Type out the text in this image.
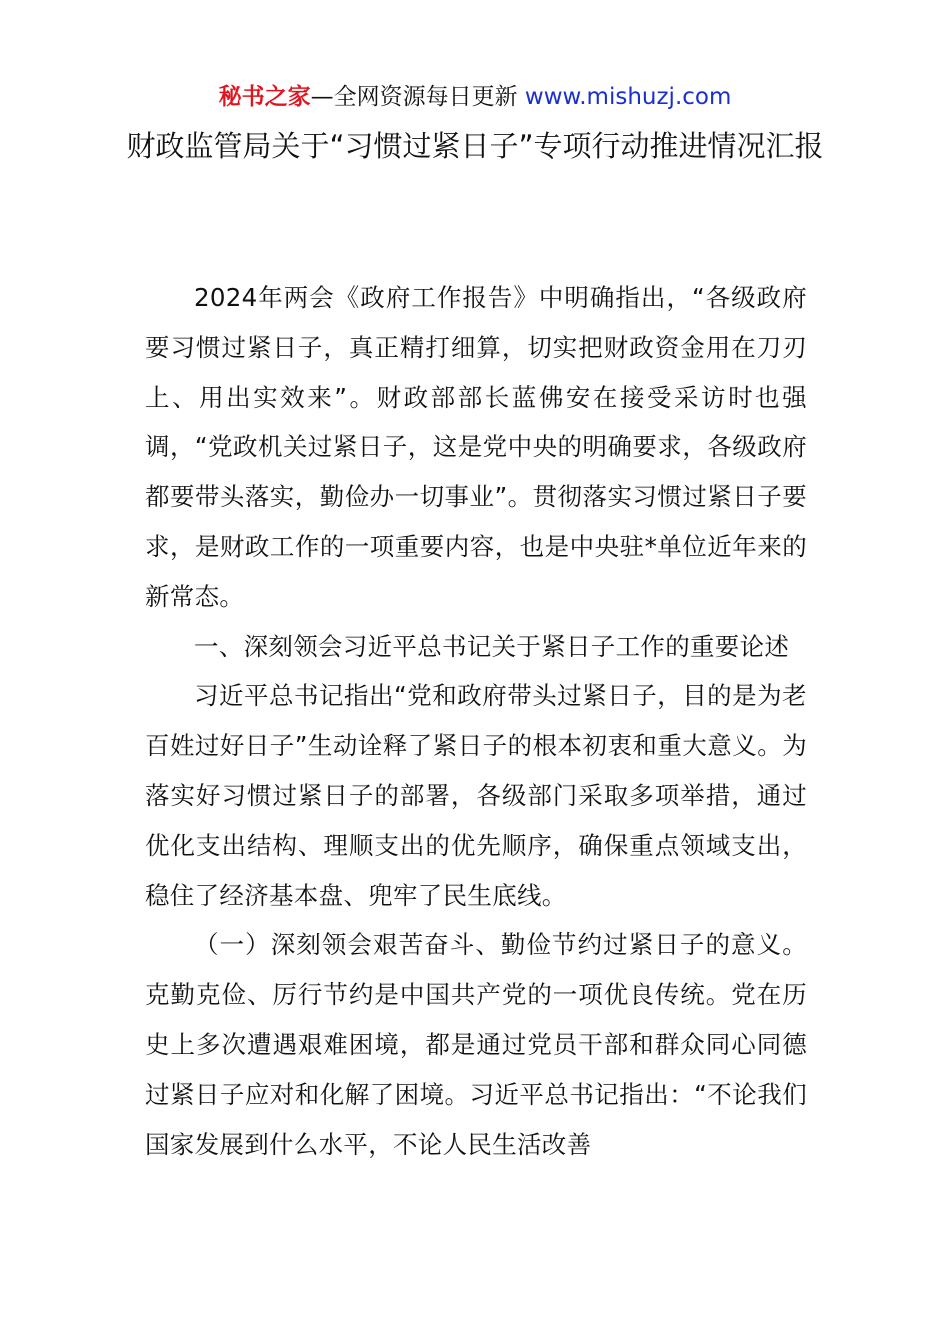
秘书之家—全网资源每日更新 www.mishuzj.com
财政监管局关于“习惯过紧日子”专项行动推进情况汇报

2024年两会《政府工作报告》中明确指出，“各级政府要习惯过紧日子，真正精打细算，切实把财政资金用在刀刃上、用出实效来”。财政部部长蓝佛安在接受采访时也强调，“党政机关过紧日子，这是党中央的明确要求，各级政府都要带头落实，勤俭办一切事业”。贯彻落实习惯过紧日子要求，是财政工作的一项重要内容，也是中央驻*单位近年来的新常态。

一、深刻领会习近平总书记关于紧日子工作的重要论述

习近平总书记指出“党和政府带头过紧日子，目的是为老百姓过好日子”生动诠释了紧日子的根本初衷和重大意义。为落实好习惯过紧日子的部署，各级部门采取多项举措，通过优化支出结构、理顺支出的优先顺序，确保重点领域支出，稳住了经济基本盘、兜牢了民生底线。

（一）深刻领会艰苦奋斗、勤俭节约过紧日子的意义。克勤克俭、厉行节约是中国共产党的一项优良传统。党在历史上多次遭遇艰难困境，都是通过党员干部和群众同心同德过紧日子应对和化解了困境。习近平总书记指出：“不论我们国家发展到什么水平，不论人民生活改善
